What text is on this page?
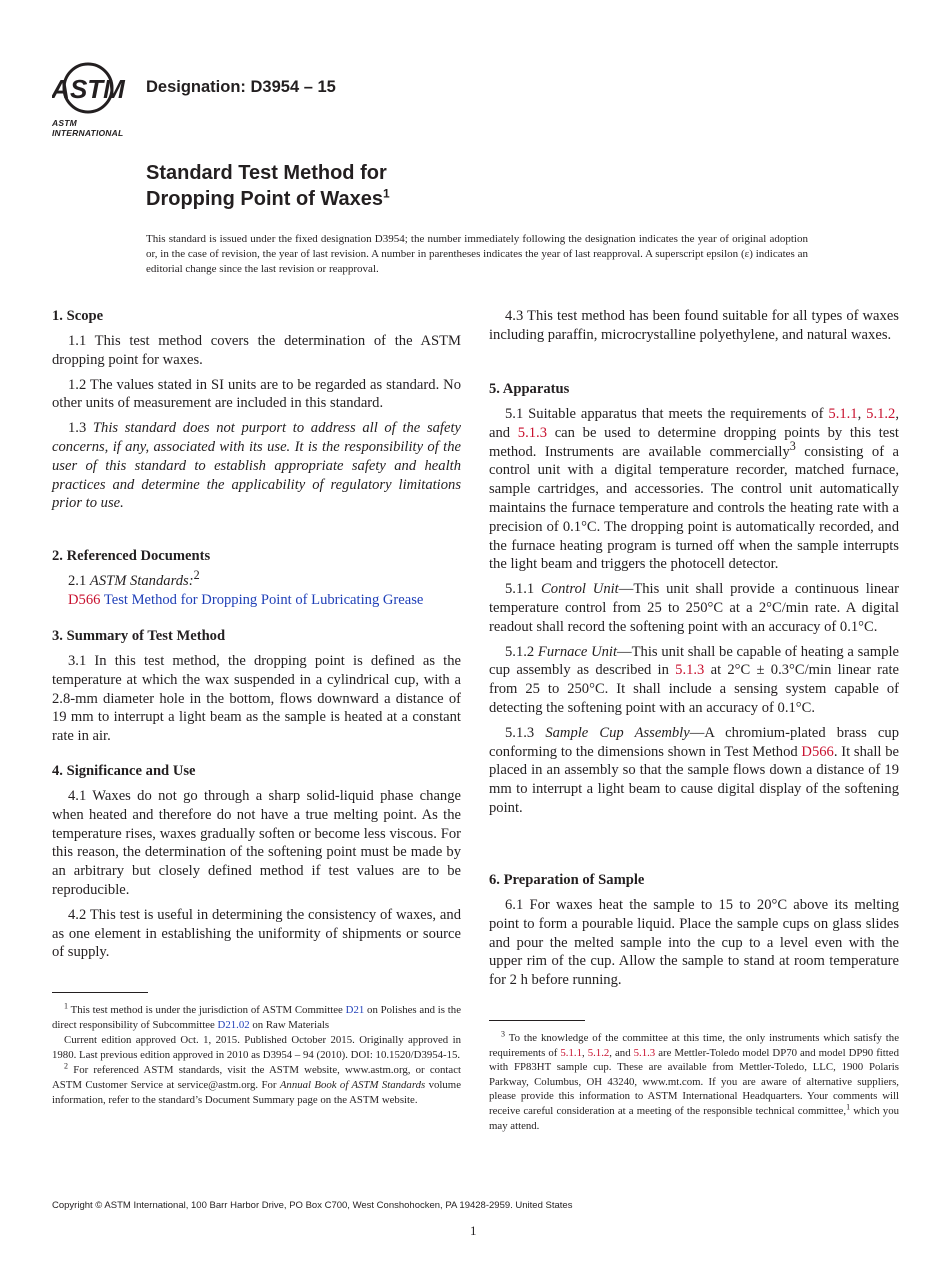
ASTM
ASTM INTERNATIONAL
Designation: D3954 – 15
Standard Test Method for
Dropping Point of Waxes$^1$
This standard is issued under the fixed designation D3954; the number immediately following the designation indicates the year of original adoption or, in the case of revision, the year of last revision. A number in parentheses indicates the year of last reapproval. A superscript epsilon (ε) indicates an editorial change since the last revision or reapproval.
1. Scope

1.1 This test method covers the determination of the ASTM dropping point for waxes.

1.2 The values stated in SI units are to be regarded as standard. No other units of measurement are included in this standard.

1.3 This standard does not purport to address all of the safety concerns, if any, associated with its use. It is the responsibility of the user of this standard to establish appropriate safety and health practices and determine the applicability of regulatory limitations prior to use.

2. Referenced Documents

2.1 ASTM Standards:$^2$

D566 Test Method for Dropping Point of Lubricating Grease

3. Summary of Test Method

3.1 In this test method, the dropping point is defined as the temperature at which the wax suspended in a cylindrical cup, with a 2.8-mm diameter hole in the bottom, flows downward a distance of 19 mm to interrupt a light beam as the sample is heated at a constant rate in air.

4. Significance and Use

4.1 Waxes do not go through a sharp solid-liquid phase change when heated and therefore do not have a true melting point. As the temperature rises, waxes gradually soften or become less viscous. For this reason, the determination of the softening point must be made by an arbitrary but closely defined method if test values are to be reproducible.

4.2 This test is useful in determining the consistency of waxes, and as one element in establishing the uniformity of shipments or source of supply.

$^1$ This test method is under the jurisdiction of ASTM Committee D21 on Polishes and is the direct responsibility of Subcommittee D21.02 on Raw Materials

Current edition approved Oct. 1, 2015. Published October 2015. Originally approved in 1980. Last previous edition approved in 2010 as D3954 – 94 (2010). DOI: 10.1520/D3954-15.

$^2$ For referenced ASTM standards, visit the ASTM website, www.astm.org, or contact ASTM Customer Service at service@astm.org. For Annual Book of ASTM Standards volume information, refer to the standard’s Document Summary page on the ASTM website.

4.3 This test method has been found suitable for all types of waxes including paraffin, microcrystalline polyethylene, and natural waxes.

5. Apparatus

5.1 Suitable apparatus that meets the requirements of 5.1.1, 5.1.2, and 5.1.3 can be used to determine dropping points by this test method. Instruments are available commercially$^3$ consisting of a control unit with a digital temperature recorder, matched furnace, sample cartridges, and accessories. The control unit automatically maintains the furnace temperature and controls the heating rate with a precision of 0.1°C. The dropping point is automatically recorded, and the furnace heating program is turned off when the sample interrupts the light beam and triggers the photocell detector.

5.1.1 Control Unit—This unit shall provide a continuous linear temperature control from 25 to 250°C at a 2°C/min rate. A digital readout shall record the softening point with an accuracy of 0.1°C.

5.1.2 Furnace Unit—This unit shall be capable of heating a sample cup assembly as described in 5.1.3 at 2°C ± 0.3°C/min linear rate from 25 to 250°C. It shall include a sensing system capable of detecting the softening point with an accuracy of 0.1°C.

5.1.3 Sample Cup Assembly—A chromium-plated brass cup conforming to the dimensions shown in Test Method D566. It shall be placed in an assembly so that the sample flows down a distance of 19 mm to interrupt a light beam to cause digital display of the softening point.

6. Preparation of Sample

6.1 For waxes heat the sample to 15 to 20°C above its melting point to form a pourable liquid. Place the sample cups on glass slides and pour the melted sample into the cup to a level even with the upper rim of the cup. Allow the sample to stand at room temperature for 2 h before running.

$^3$ To the knowledge of the committee at this time, the only instruments which satisfy the requirements of 5.1.1, 5.1.2, and 5.1.3 are Mettler-Toledo model DP70 and model DP90 fitted with FP83HT sample cup. These are available from Mettler-Toledo, LLC, 1900 Polaris Parkway, Columbus, OH 43240, www.mt.com. If you are aware of alternative suppliers, please provide this information to ASTM International Headquarters. Your comments will receive careful consideration at a meeting of the responsible technical committee,$^1$ which you may attend.

Copyright © ASTM International, 100 Barr Harbor Drive, PO Box C700, West Conshohocken, PA 19428-2959. United States
1
